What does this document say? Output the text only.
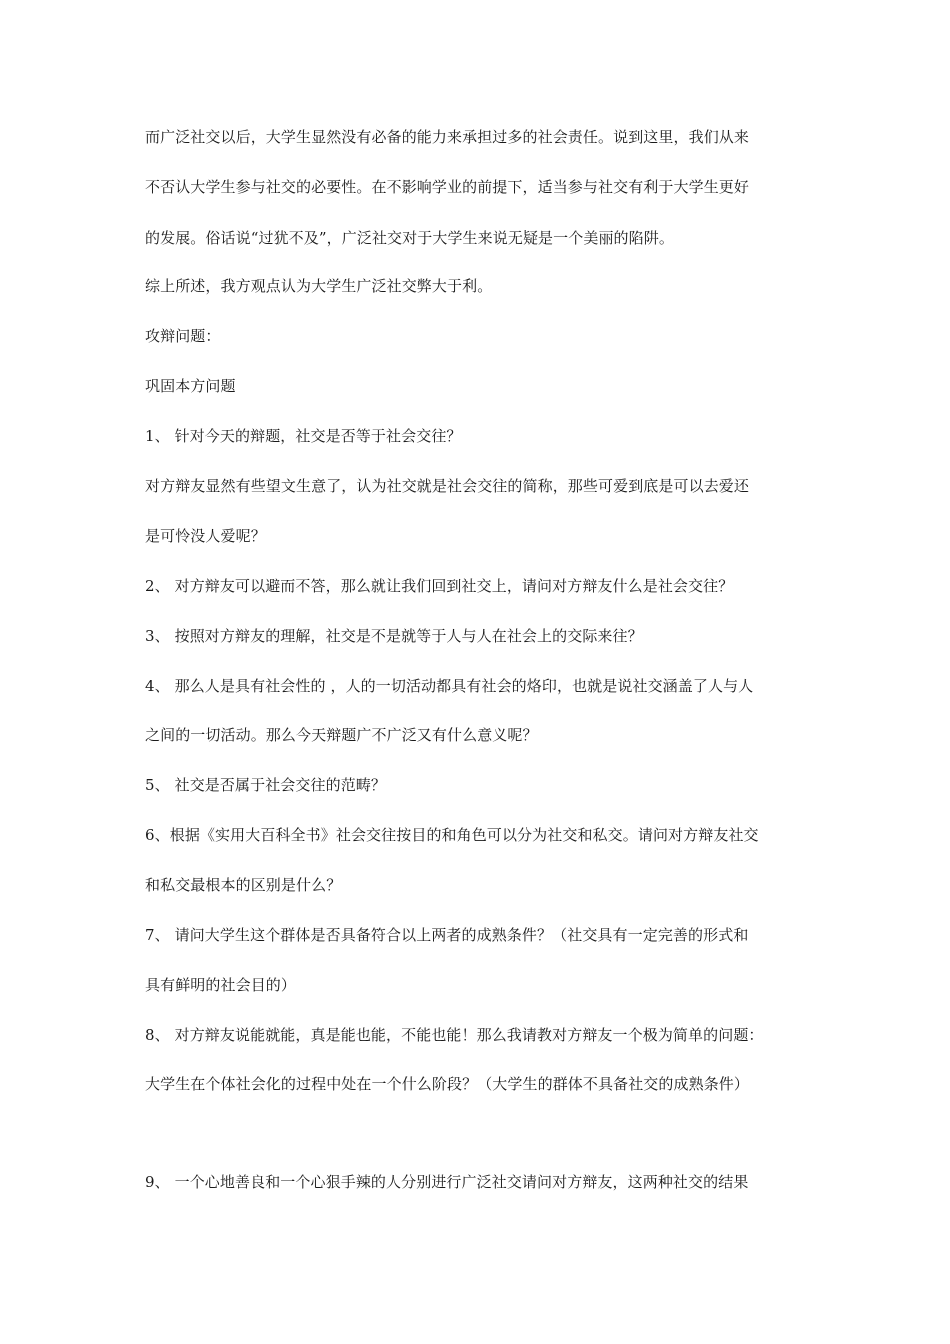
而广泛社交以后，大学生显然没有必备的能力来承担过多的社会责任。说到这里，我们从来
不否认大学生参与社交的必要性。在不影响学业的前提下，适当参与社交有利于大学生更好
的发展。俗话说“过犹不及”，广泛社交对于大学生来说无疑是一个美丽的陷阱。
综上所述，我方观点认为大学生广泛社交弊大于利。
攻辩问题：
巩固本方问题
1、 针对今天的辩题，社交是否等于社会交往？
对方辩友显然有些望文生意了，认为社交就是社会交往的简称，那些可爱到底是可以去爱还
是可怜没人爱呢？
2、 对方辩友可以避而不答，那么就让我们回到社交上，请问对方辩友什么是社会交往？
3、 按照对方辩友的理解，社交是不是就等于人与人在社会上的交际来往？
4、 那么人是具有社会性的 ，人的一切活动都具有社会的烙印，也就是说社交涵盖了人与人
之间的一切活动。那么今天辩题广不广泛又有什么意义呢？
5、 社交是否属于社会交往的范畴？
6、根据《实用大百科全书》社会交往按目的和角色可以分为社交和私交。请问对方辩友社交
和私交最根本的区别是什么？
7、 请问大学生这个群体是否具备符合以上两者的成熟条件？（社交具有一定完善的形式和
具有鲜明的社会目的）
8、 对方辩友说能就能，真是能也能，不能也能！那么我请教对方辩友一个极为简单的问题：
大学生在个体社会化的过程中处在一个什么阶段？（大学生的群体不具备社交的成熟条件）
9、 一个心地善良和一个心狠手辣的人分别进行广泛社交请问对方辩友，这两种社交的结果
